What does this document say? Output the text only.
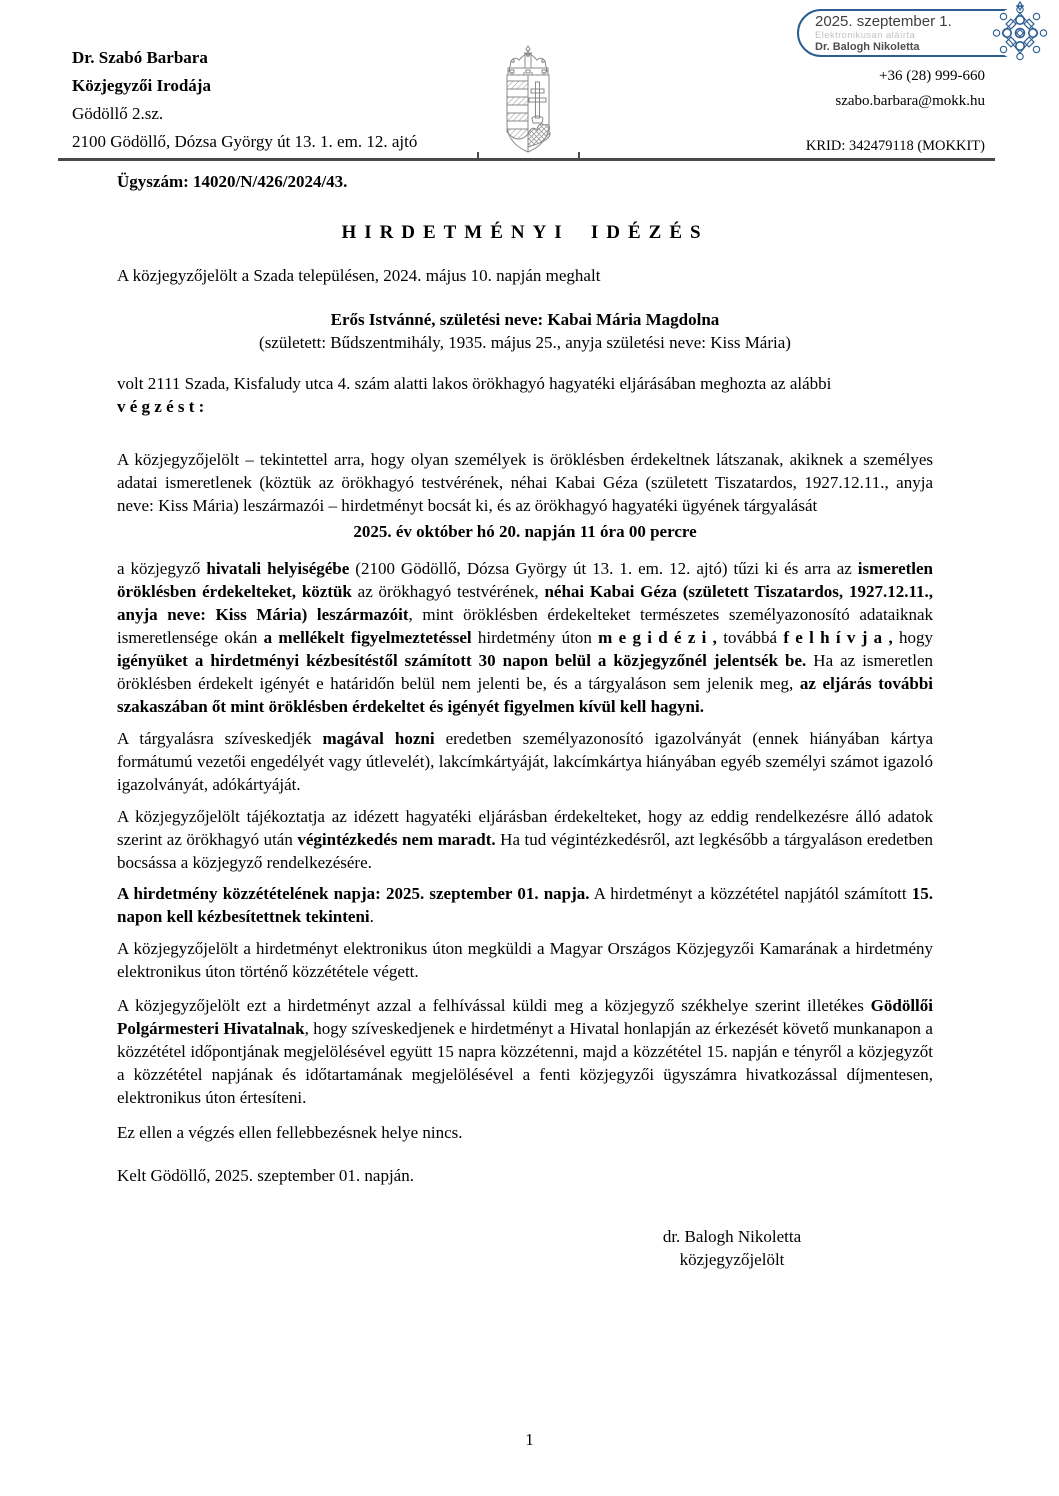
Dr. Szabó Barbara
Közjegyzői Irodája
Gödöllő 2.sz.
2100 Gödöllő, Dózsa György út 13. 1. em. 12. ajtó
2025. szeptember 1.
Elektronikusan aláírta
Dr. Balogh Nikoletta
+36 (28) 999-660
szabo.barbara@mokk.hu
KRID: 342479118 (MOKKIT)

Ügyszám: 14020/N/426/2024/43.

HIRDETMÉNYI IDÉZÉS

A közjegyzőjelölt a Szada településen, 2024. május 10. napján meghalt

Erős Istvánné, születési neve: Kabai Mária Magdolna

(született: Bűdszentmihály, 1935. május 25., anyja születési neve: Kiss Mária)

volt 2111 Szada, Kisfaludy utca 4. szám alatti lakos örökhagyó hagyatéki eljárásában meghozta az alábbi
v é g z é s t :

A közjegyzőjelölt – tekintettel arra, hogy olyan személyek is öröklésben érdekeltnek látszanak, akiknek a személyes adatai ismeretlenek (köztük az örökhagyó testvérének, néhai Kabai Géza (született Tiszatardos, 1927.12.11., anyja neve: Kiss Mária) leszármazói – hirdetményt bocsát ki, és az örökhagyó hagyatéki ügyének tárgyalását

2025. év október hó 20. napján 11 óra 00 percre

a közjegyző hivatali helyiségébe (2100 Gödöllő, Dózsa György út 13. 1. em. 12. ajtó) tűzi ki és arra az ismeretlen öröklésben érdekelteket, köztük az örökhagyó testvérének, néhai Kabai Géza (született Tiszatardos, 1927.12.11., anyja neve: Kiss Mária) leszármazóit, mint öröklésben érdekelteket természetes személyazonosító adataiknak ismeretlensége okán a mellékelt figyelmeztetéssel hirdetmény úton m e g i d é z i , továbbá f e l h í v j a , hogy igényüket a hirdetményi kézbesítéstől számított 30 napon belül a közjegyzőnél jelentsék be. Ha az ismeretlen öröklésben érdekelt igényét e határidőn belül nem jelenti be, és a tárgyaláson sem jelenik meg, az eljárás további szakaszában őt mint öröklésben érdekeltet és igényét figyelmen kívül kell hagyni.

A tárgyalásra szíveskedjék magával hozni eredetben személyazonosító igazolványát (ennek hiányában kártya formátumú vezetői engedélyét vagy útlevelét), lakcímkártyáját, lakcímkártya hiányában egyéb személyi számot igazoló igazolványát, adókártyáját.

A közjegyzőjelölt tájékoztatja az idézett hagyatéki eljárásban érdekelteket, hogy az eddig rendelkezésre álló adatok szerint az örökhagyó után végintézkedés nem maradt. Ha tud végintézkedésről, azt legkésőbb a tárgyaláson eredetben bocsássa a közjegyző rendelkezésére.

A hirdetmény közzétételének napja: 2025. szeptember 01. napja. A hirdetményt a közzététel napjától számított 15. napon kell kézbesítettnek tekinteni.

A közjegyzőjelölt a hirdetményt elektronikus úton megküldi a Magyar Országos Közjegyzői Kamarának a hirdetmény elektronikus úton történő közzététele végett.

A közjegyzőjelölt ezt a hirdetményt azzal a felhívással küldi meg a közjegyző székhelye szerint illetékes Gödöllői Polgármesteri Hivatalnak, hogy szíveskedjenek e hirdetményt a Hivatal honlapján az érkezését követő munkanapon a közzététel időpontjának megjelölésével együtt 15 napra közzétenni, majd a közzététel 15. napján e tényről a közjegyzőt a közzététel napjának és időtartamának megjelölésével a fenti közjegyzői ügyszámra hivatkozással díjmentesen, elektronikus úton értesíteni.

Ez ellen a végzés ellen fellebbezésnek helye nincs.

Kelt Gödöllő, 2025. szeptember 01. napján.

dr. Balogh Nikoletta
közjegyzőjelölt

1
